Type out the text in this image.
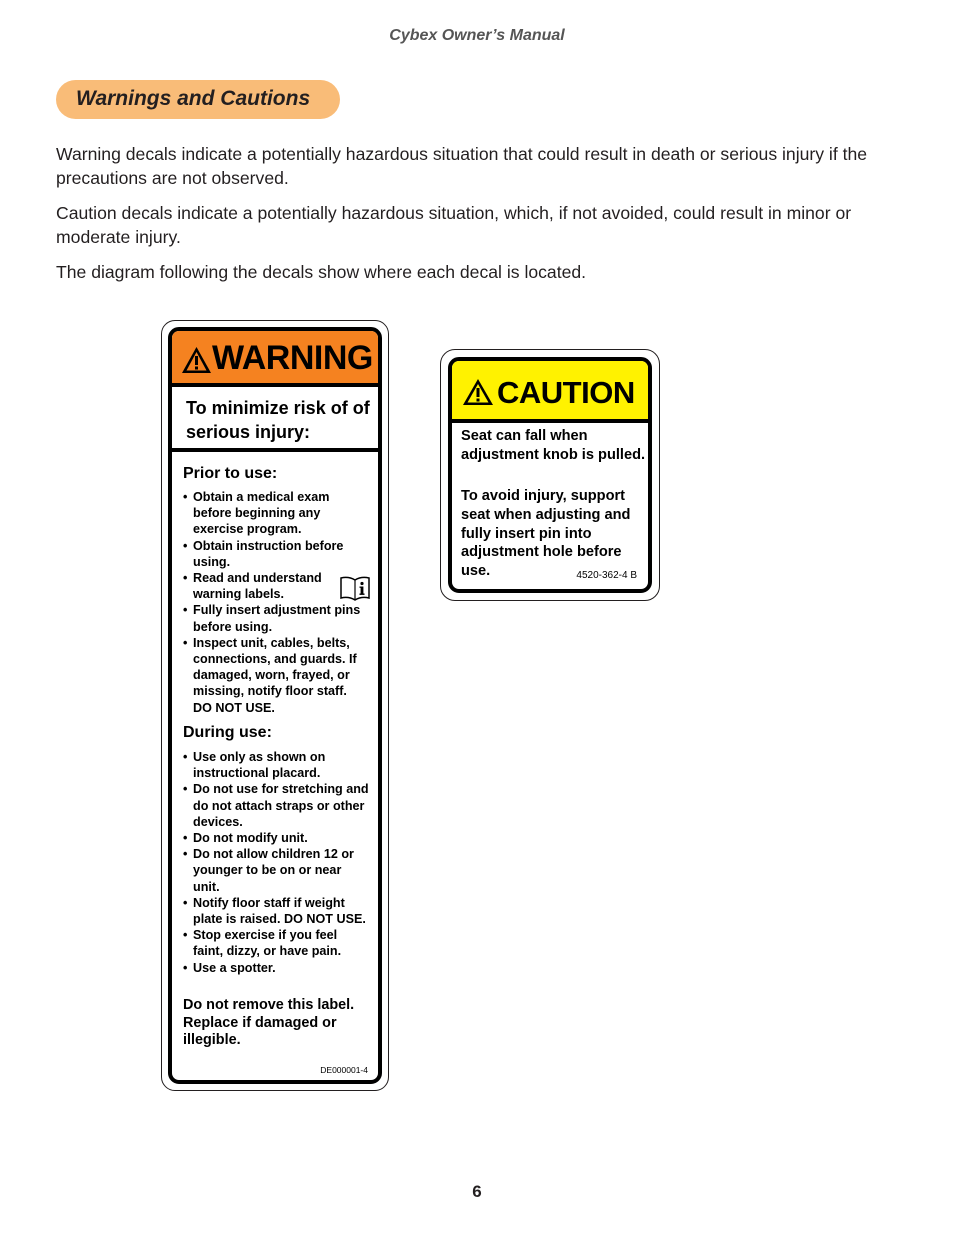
Cybex Owner’s Manual
Warnings and Cautions

Warning decals indicate a potentially hazardous situation that could result in death or serious injury if the precautions are not observed.

Caution decals indicate a potentially hazardous situation, which, if not avoided, could result in minor or moderate injury.

The diagram following the decals show where each decal is located.

WARNING
To minimize risk of of serious injury:
Prior to use:
• Obtain a medical exam before beginning any exercise program.
• Obtain instruction before using.
• Read and understand warning labels.
• Fully insert adjustment pins before using.
• Inspect unit, cables, belts, connections, and guards. If damaged, worn, frayed, or missing, notify floor staff. DO NOT USE.
During use:
• Use only as shown on instructional placard.
• Do not use for stretching and do not attach straps or other devices.
• Do not modify unit.
• Do not allow children 12 or younger to be on or near unit.
• Notify floor staff if weight plate is raised. DO NOT USE.
• Stop exercise if you feel faint, dizzy, or have pain.
• Use a spotter.
Do not remove this label. Replace if damaged or illegible.
DE000001-4
CAUTION

Seat can fall when adjustment knob is pulled.

To avoid injury, support seat when adjusting and fully insert pin into adjustment hole before use.	4520-362-4 B
6
